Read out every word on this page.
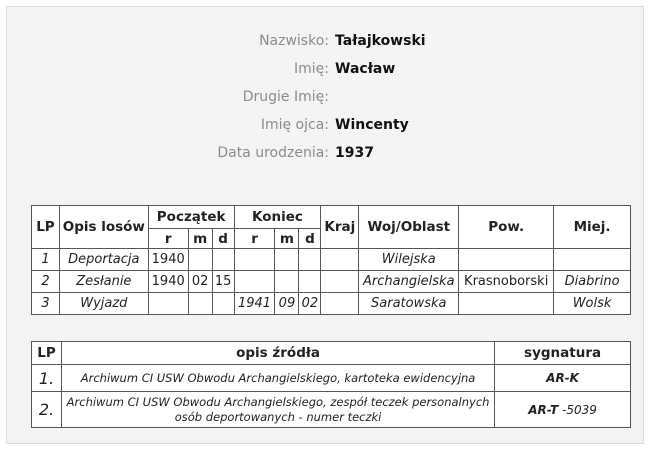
Nazwisko: Tałajkowski
Imię: Wacław
Drugie Imię:
Imię ojca: Wincenty
Data urodzenia: 1937
LP	Opis losów	Początek			Koniec			Kraj	Woj/Oblast	Pow.	Miej.
		r	m	d	r	m	d				
1	Deportacja	1940							Wilejska		
2	Zesłanie	1940	02	15					Archangielska	Krasnoborski	Diabrino
3	Wyjazd				1941	09	02		Saratowska		Wolsk
LP	opis źródła	sygnatura
1.	Archiwum CI USW Obwodu Archangielskiego, kartoteka ewidencyjna	AR-K
2.	Archiwum CI USW Obwodu Archangielskiego, zespół teczek personalnych osób deportowanych - numer teczki	AR-T -5039
